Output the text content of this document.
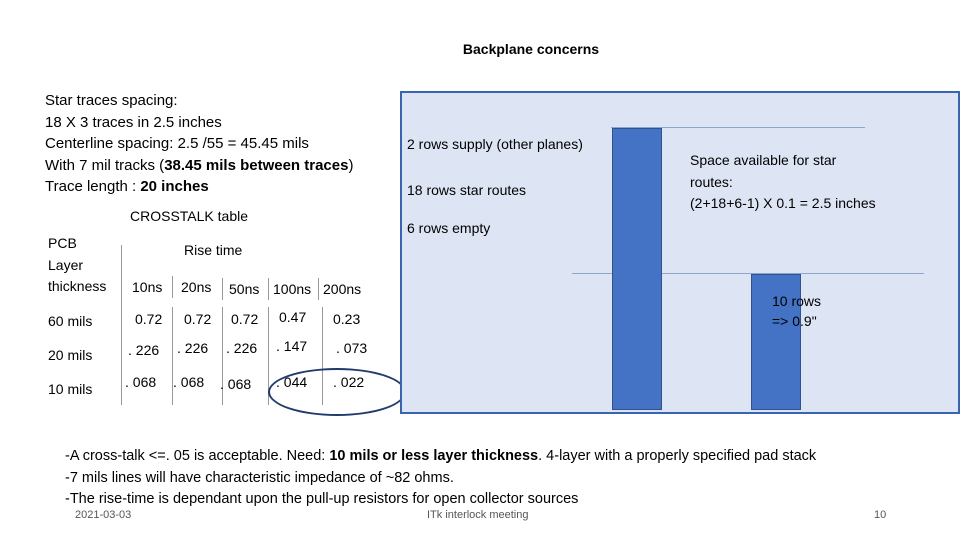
Backplane concerns
Star traces spacing:
18 X 3 traces in 2.5 inches
Centerline spacing: 2.5 /55 = 45.45 mils
With 7 mil tracks (38.45 mils between traces)
Trace length : 20 inches
CROSSTALK table
PCB
Layer
thickness
Rise time
10ns 20ns 50ns 100ns 200ns
60 mils	0.72 0.72 0.72 0.47 0.23
20 mils	. 226 . 226 . 226 . 147 . 073
10 mils . 068 . 068 . 068 . 044 . 022
2 rows supply (other planes)
18 rows star routes
6 rows empty
Space available for star
routes:
(2+18+6-1) X 0.1 = 2.5 inches
10 rows
=> 0.9"
-A cross-talk <=. 05 is acceptable. Need: 10 mils or less layer thickness. 4-layer with a properly specified pad stack
-7 mils lines will have characteristic impedance of ~82 ohms.
-The rise-time is dependant upon the pull-up resistors for open collector sources
2021-03-03	ITk interlock meeting	10
